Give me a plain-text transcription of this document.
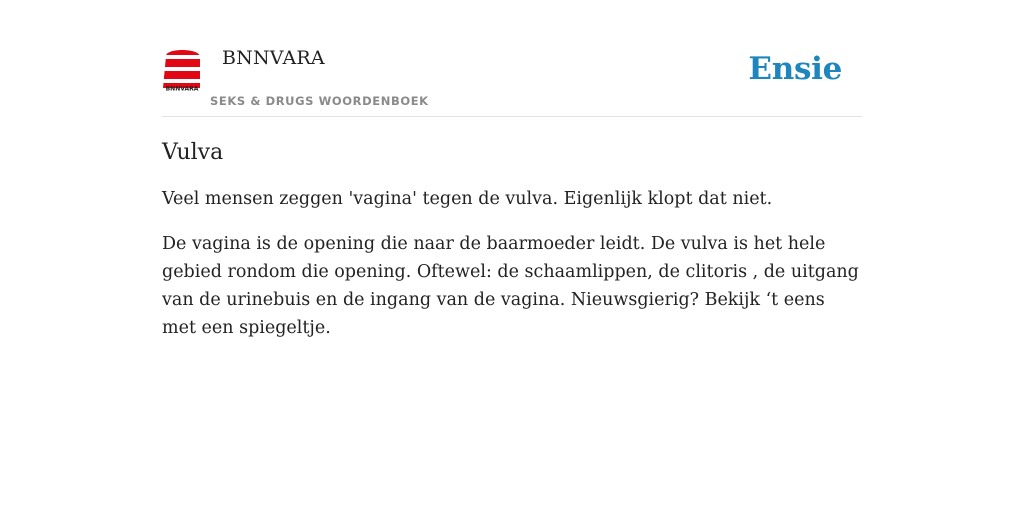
BNNVARA
BNNVARA
SEKS & DRUGS WOORDENBOEK
Ensie
Vulva

Veel mensen zeggen 'vagina' tegen de vulva. Eigenlijk klopt dat niet.

De vagina is de opening die naar de baarmoeder leidt. De vulva is het hele gebied rondom die opening. Oftewel: de schaamlippen, de clitoris , de uitgang van de urinebuis en de ingang van de vagina. Nieuwsgierig? Bekijk ‘t eens met een spiegeltje.
